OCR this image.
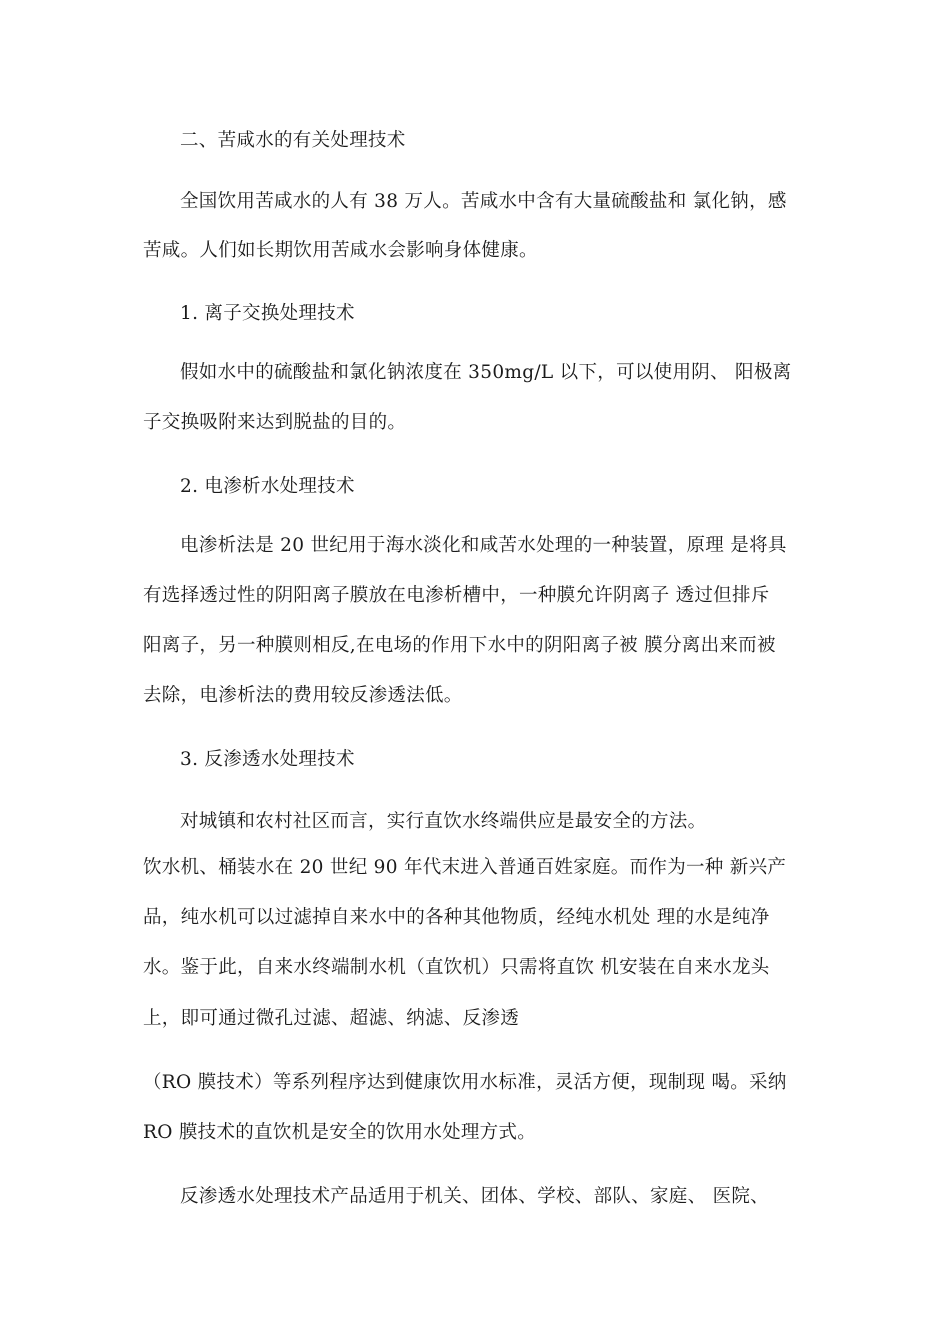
二、苦咸水的有关处理技术
全国饮用苦咸水的人有 38 万人。苦咸水中含有大量硫酸盐和 氯化钠，感
苦咸。人们如长期饮用苦咸水会影响身体健康。
1. 离子交换处理技术
假如水中的硫酸盐和氯化钠浓度在 350mg/L 以下，可以使用阴、 阳极离
子交换吸附来达到脱盐的目的。
2. 电渗析水处理技术
电渗析法是 20 世纪用于海水淡化和咸苦水处理的一种装置，原理 是将具
有选择透过性的阴阳离子膜放在电渗析槽中，一种膜允许阴离子 透过但排斥
阳离子，另一种膜则相反,在电场的作用下水中的阴阳离子被 膜分离出来而被
去除，电渗析法的费用较反渗透法低。
3. 反渗透水处理技术
对城镇和农村社区而言，实行直饮水终端供应是最安全的方法。
饮水机、桶装水在 20 世纪 90 年代末进入普通百姓家庭。而作为一种 新兴产
品，纯水机可以过滤掉自来水中的各种其他物质，经纯水机处 理的水是纯净
水。鉴于此，自来水终端制水机（直饮机）只需将直饮 机安装在自来水龙头
上，即可通过微孔过滤、超滤、纳滤、反渗透
（RO 膜技术）等系列程序达到健康饮用水标准，灵活方便，现制现 喝。采纳
RO 膜技术的直饮机是安全的饮用水处理方式。
反渗透水处理技术产品适用于机关、团体、学校、部队、家庭、 医院、
